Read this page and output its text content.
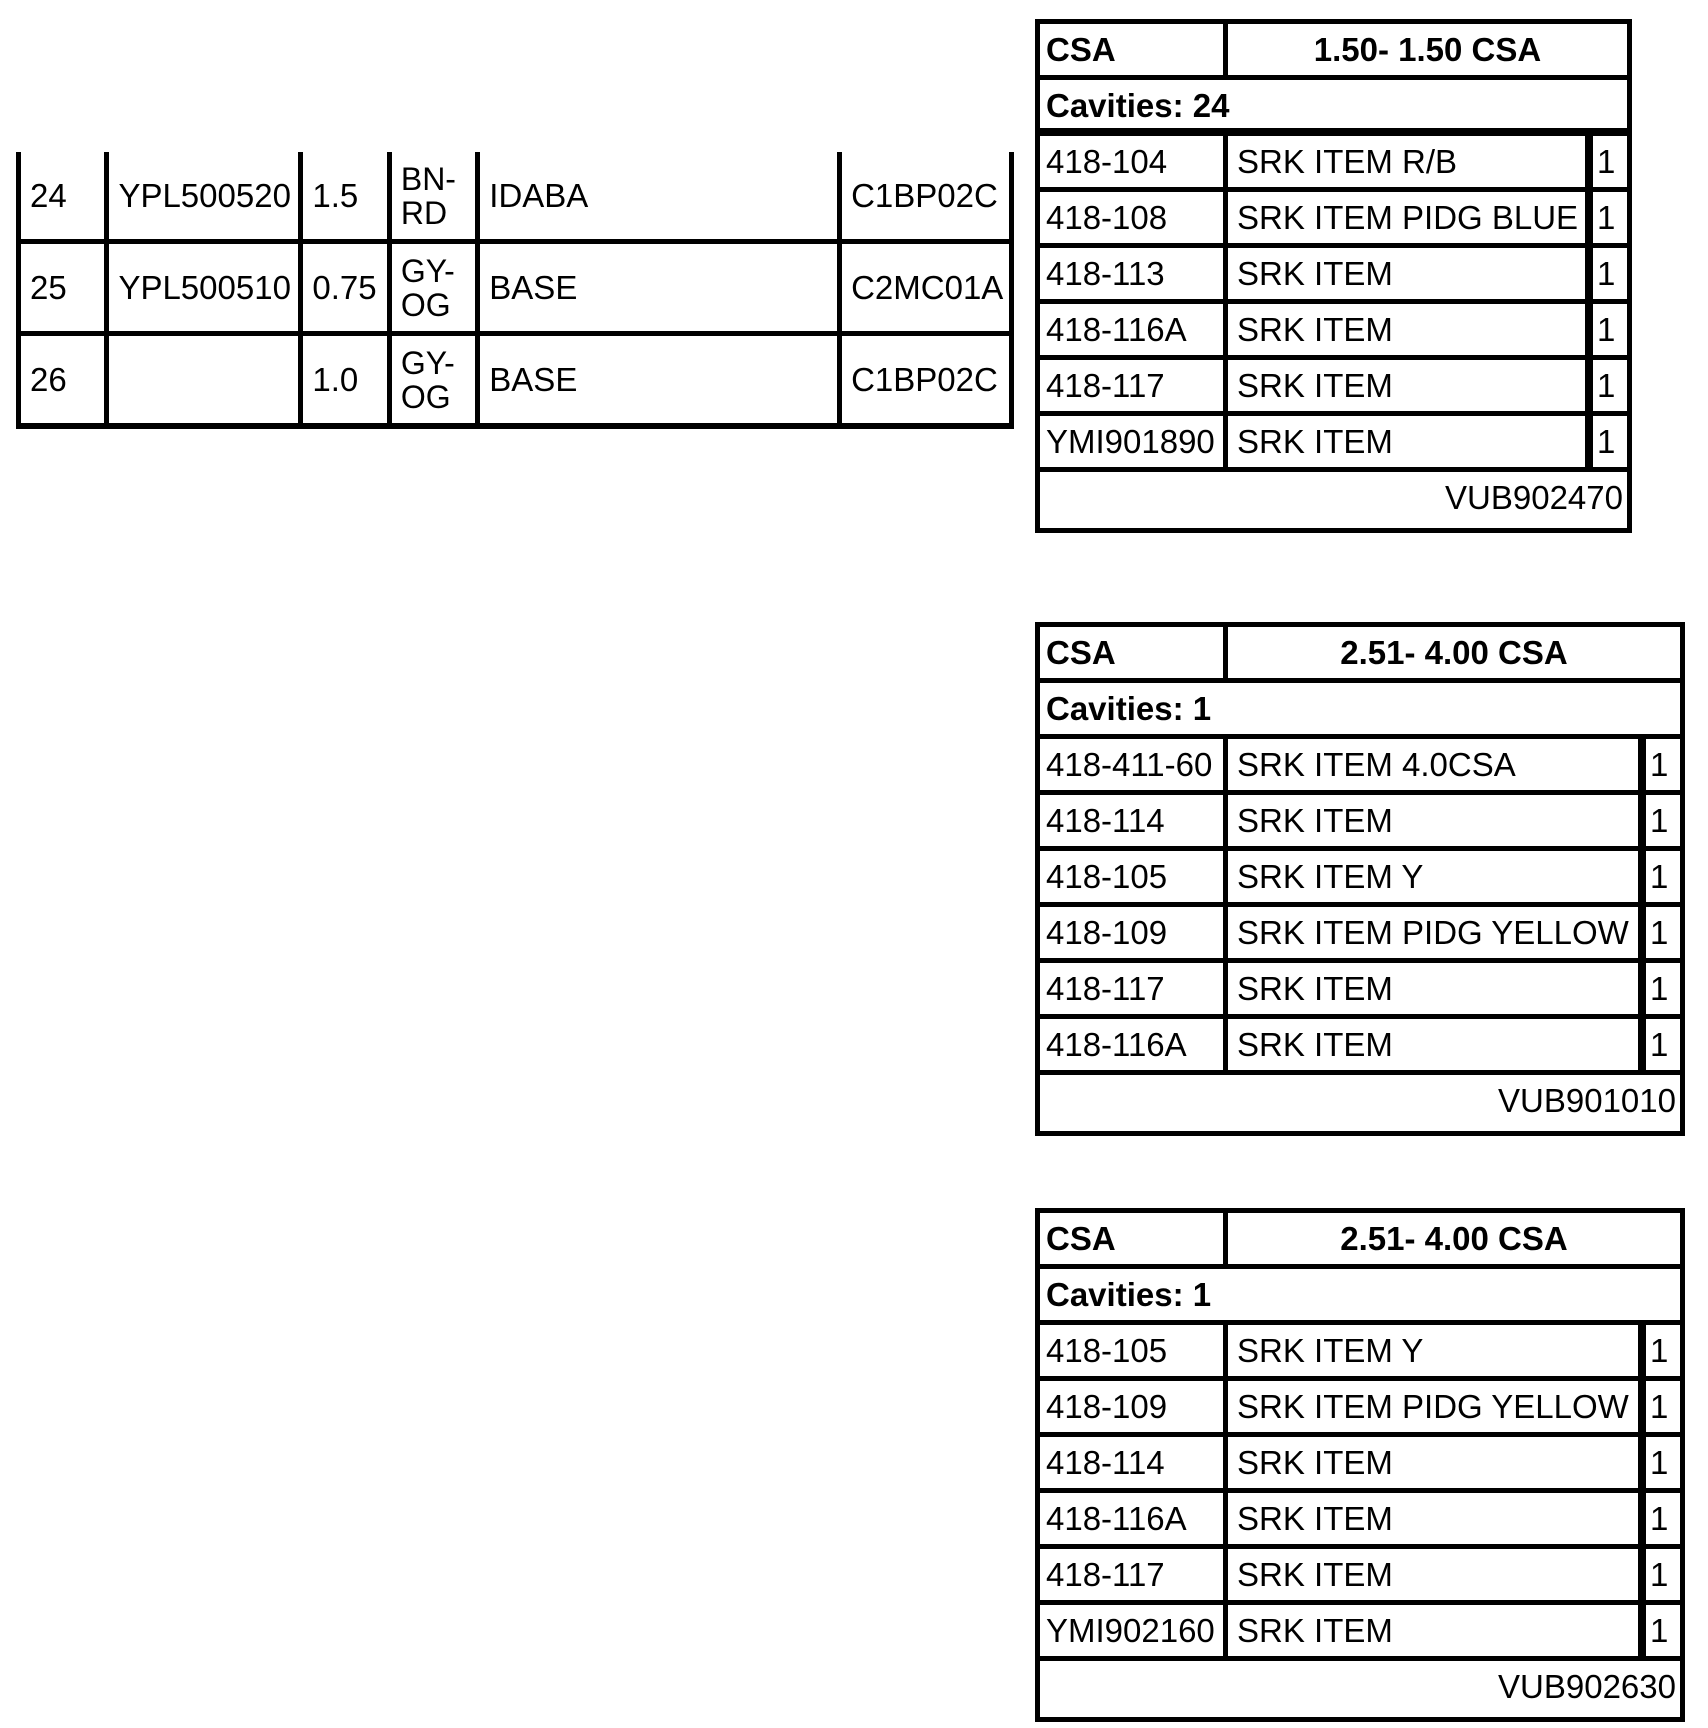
24	YPL500520	1.5	BN-
RD	IDABA	C1BP02C
25	YPL500510	0.75	GY-
OG	BASE	C2MC01A
26		1.0	GY-
OG	BASE	C1BP02C
CSA	1.50- 1.50 CSA
Cavities: 24
418-104	SRK ITEM R/B	1
418-108	SRK ITEM PIDG BLUE 1
418-113	SRK ITEM	1
418-116A	SRK ITEM	1
418-117	SRK ITEM	1
YMI901890 SRK ITEM	1
VUB902470
CSA	2.51- 4.00 CSA
Cavities: 1
418-411-60 SRK ITEM 4.0CSA	1
418-114	SRK ITEM	1
418-105	SRK ITEM Y	1
418-109	SRK ITEM PIDG YELLOW 1
418-117	SRK ITEM	1
418-116A	SRK ITEM	1
VUB901010
CSA	2.51- 4.00 CSA
Cavities: 1
418-105	SRK ITEM Y	1
418-109	SRK ITEM PIDG YELLOW 1
418-114	SRK ITEM	1
418-116A	SRK ITEM	1
418-117	SRK ITEM	1
YMI902160 SRK ITEM	1
VUB902630
